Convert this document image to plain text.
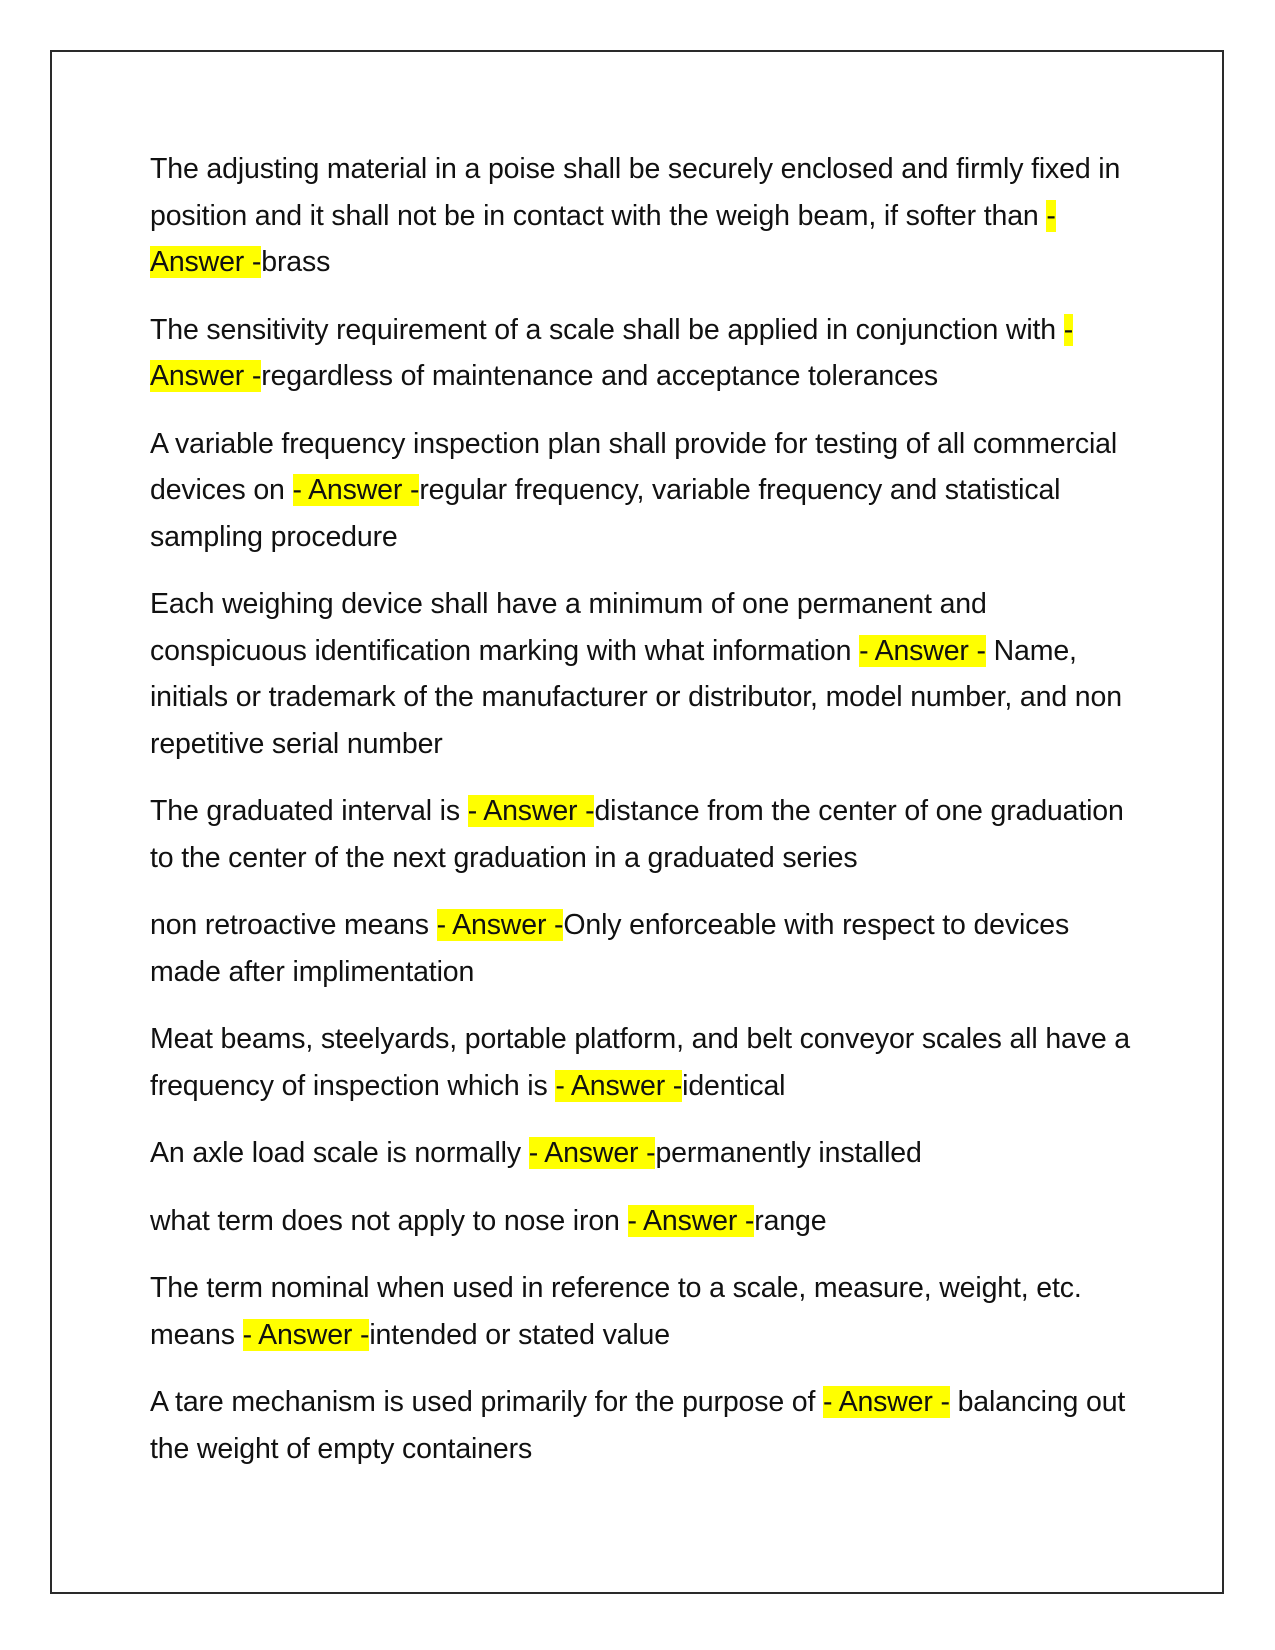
The adjusting material in a poise shall be securely enclosed and firmly fixed in position and it shall not be in contact with the weigh beam, if softer than - Answer -brass

The sensitivity requirement of a scale shall be applied in conjunction with - Answer -regardless of maintenance and acceptance tolerances

A variable frequency inspection plan shall provide for testing of all commercial devices on - Answer -regular frequency, variable frequency and statistical sampling procedure

Each weighing device shall have a minimum of one permanent and conspicuous identification marking with what information - Answer - Name, initials or trademark of the manufacturer or distributor, model number, and non repetitive serial number

The graduated interval is - Answer -distance from the center of one graduation to the center of the next graduation in a graduated series

non retroactive means - Answer -Only enforceable with respect to devices made after implimentation

Meat beams, steelyards, portable platform, and belt conveyor scales all have a frequency of inspection which is - Answer -identical

An axle load scale is normally - Answer -permanently installed

what term does not apply to nose iron - Answer -range

The term nominal when used in reference to a scale, measure, weight, etc. means - Answer -intended or stated value

A tare mechanism is used primarily for the purpose of - Answer - balancing out the weight of empty containers
